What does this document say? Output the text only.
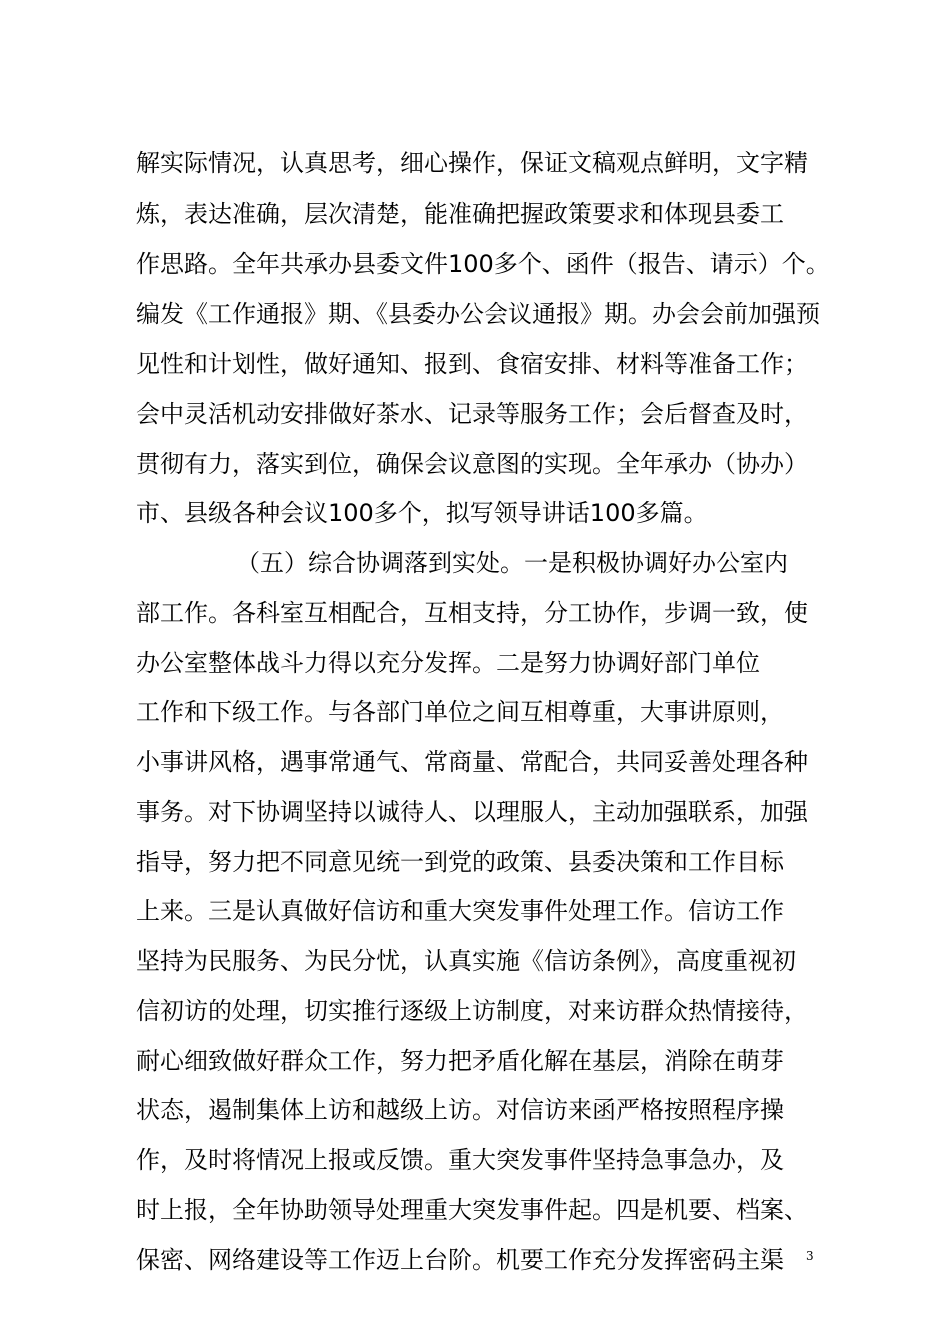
解实际情况，认真思考，细心操作，保证文稿观点鲜明，文字精
炼，表达准确，层次清楚，能准确把握政策要求和体现县委工
作思路。全年共承办县委文件100多个、函件（报告、请示）个。
编发《工作通报》期、《县委办公会议通报》期。办会会前加强预
见性和计划性，做好通知、报到、食宿安排、材料等准备工作；
会中灵活机动安排做好茶水、记录等服务工作；会后督查及时，
贯彻有力，落实到位，确保会议意图的实现。全年承办（协办）
市、县级各种会议100多个，拟写领导讲话100多篇。
（五）综合协调落到实处。一是积极协调好办公室内
部工作。各科室互相配合，互相支持，分工协作，步调一致，使
办公室整体战斗力得以充分发挥。二是努力协调好部门单位
工作和下级工作。与各部门单位之间互相尊重，大事讲原则，
小事讲风格，遇事常通气、常商量、常配合，共同妥善处理各种
事务。对下协调坚持以诚待人、以理服人，主动加强联系，加强
指导，努力把不同意见统一到党的政策、县委决策和工作目标
上来。三是认真做好信访和重大突发事件处理工作。信访工作
坚持为民服务、为民分忧，认真实施《信访条例》，高度重视初
信初访的处理，切实推行逐级上访制度，对来访群众热情接待，
耐心细致做好群众工作，努力把矛盾化解在基层，消除在萌芽
状态，遏制集体上访和越级上访。对信访来函严格按照程序操
作，及时将情况上报或反馈。重大突发事件坚持急事急办，及
时上报，全年协助领导处理重大突发事件起。四是机要、档案、
保密、网络建设等工作迈上台阶。机要工作充分发挥密码主渠	3
